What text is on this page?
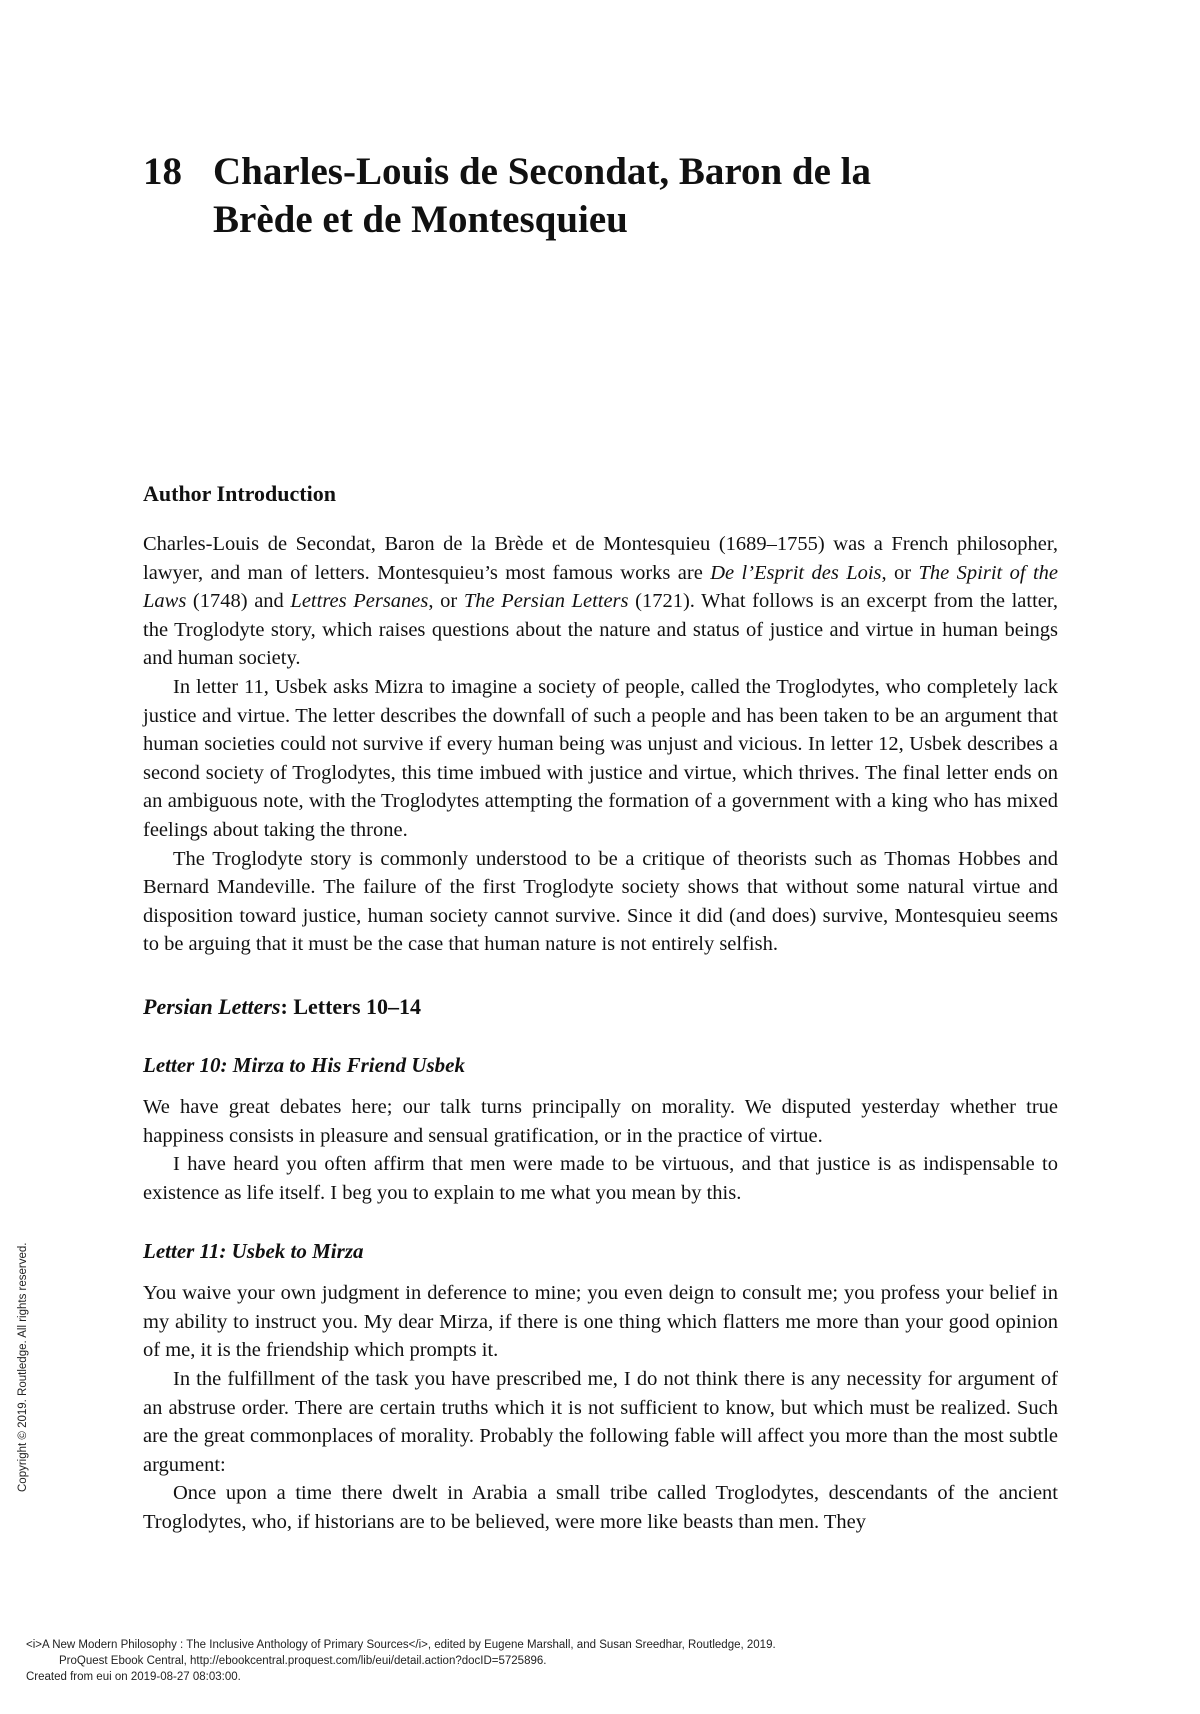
18 Charles-Louis de Secondat, Baron de la Brède et de Montesquieu
Author Introduction

Charles-Louis de Secondat, Baron de la Brède et de Montesquieu (1689–1755) was a French philosopher, lawyer, and man of letters. Montesquieu’s most famous works are De l’Esprit des Lois, or The Spirit of the Laws (1748) and Lettres Persanes, or The Persian Letters (1721). What follows is an excerpt from the latter, the Troglodyte story, which raises questions about the nature and status of justice and virtue in human beings and human society.

In letter 11, Usbek asks Mizra to imagine a society of people, called the Troglodytes, who completely lack justice and virtue. The letter describes the downfall of such a people and has been taken to be an argument that human societies could not survive if every human being was unjust and vicious. In letter 12, Usbek describes a second society of Troglodytes, this time imbued with justice and virtue, which thrives. The final letter ends on an ambiguous note, with the Troglodytes attempting the formation of a government with a king who has mixed feelings about taking the throne.

The Troglodyte story is commonly understood to be a critique of theorists such as Thomas Hobbes and Bernard Mandeville. The failure of the first Troglodyte society shows that without some natural virtue and disposition toward justice, human society cannot survive. Since it did (and does) survive, Montesquieu seems to be arguing that it must be the case that human nature is not entirely selfish.

Persian Letters: Letters 10–14
Letter 10: Mirza to His Friend Usbek

We have great debates here; our talk turns principally on morality. We disputed yesterday whether true happiness consists in pleasure and sensual gratification, or in the practice of virtue.

I have heard you often affirm that men were made to be virtuous, and that justice is as indispensable to existence as life itself. I beg you to explain to me what you mean by this.

Letter 11: Usbek to Mirza

You waive your own judgment in deference to mine; you even deign to consult me; you profess your belief in my ability to instruct you. My dear Mirza, if there is one thing which flatters me more than your good opinion of me, it is the friendship which prompts it.

In the fulfillment of the task you have prescribed me, I do not think there is any necessity for argument of an abstruse order. There are certain truths which it is not sufficient to know, but which must be realized. Such are the great commonplaces of morality. Probably the following fable will affect you more than the most subtle argument:

Once upon a time there dwelt in Arabia a small tribe called Troglodytes, descendants of the ancient Troglodytes, who, if historians are to be believed, were more like beasts than men. They

Copyright © 2019. Routledge. All rights reserved.
<i>A New Modern Philosophy : The Inclusive Anthology of Primary Sources</i>, edited by Eugene Marshall, and Susan Sreedhar, Routledge, 2019.
ProQuest Ebook Central, http://ebookcentral.proquest.com/lib/eui/detail.action?docID=5725896.
Created from eui on 2019-08-27 08:03:00.
